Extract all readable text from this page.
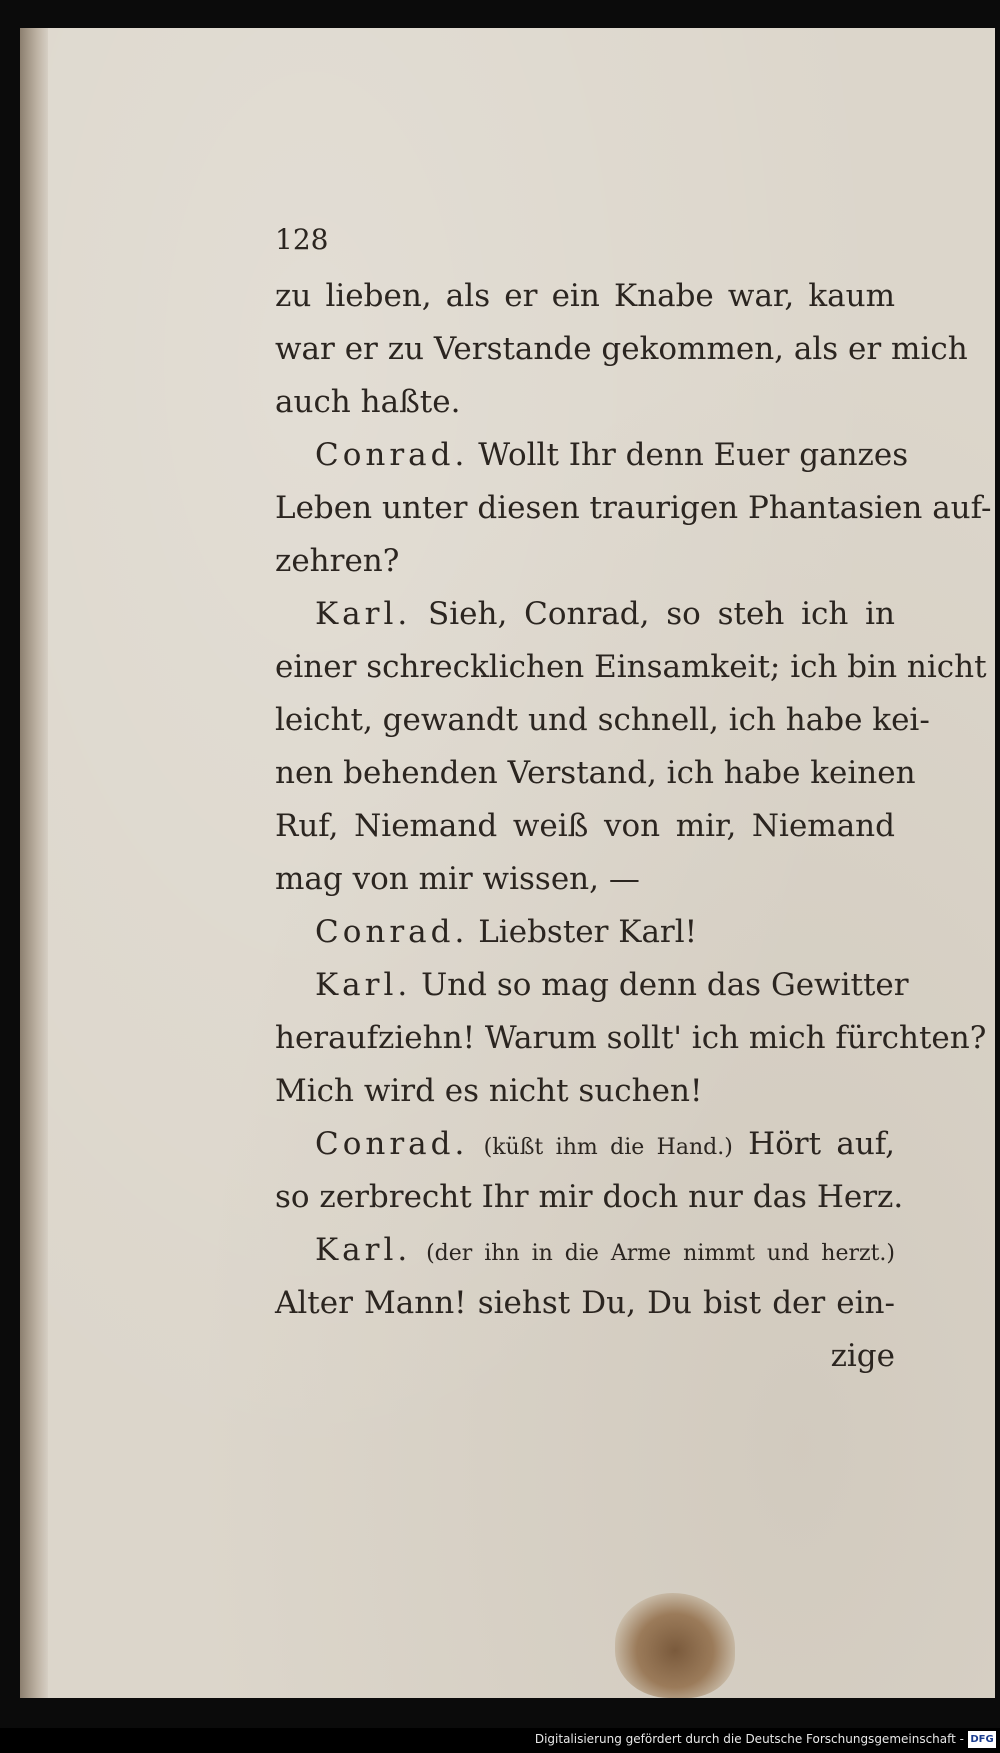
128
zu lieben, als er ein Knabe war, kaum
war er zu Verstande gekommen, als er mich
auch haßte.
Conrad. Wollt Ihr denn Euer ganzes
Leben unter diesen traurigen Phantasien auf-
zehren?
Karl. Sieh, Conrad, so steh ich in
einer schrecklichen Einsamkeit; ich bin nicht
leicht, gewandt und schnell, ich habe kei-
nen behenden Verstand, ich habe keinen
Ruf, Niemand weiß von mir, Niemand
mag von mir wissen, —
Conrad. Liebster Karl!
Karl. Und so mag denn das Gewitter
heraufziehn! Warum sollt' ich mich fürchten?
Mich wird es nicht suchen!
Conrad. (küßt ihm die Hand.) Hört auf,
so zerbrecht Ihr mir doch nur das Herz.
Karl. (der ihn in die Arme nimmt und herzt.)
Alter Mann! siehst Du, Du bist der ein-
zige
Digitalisierung gefördert durch die Deutsche Forschungsgemeinschaft - DFG
